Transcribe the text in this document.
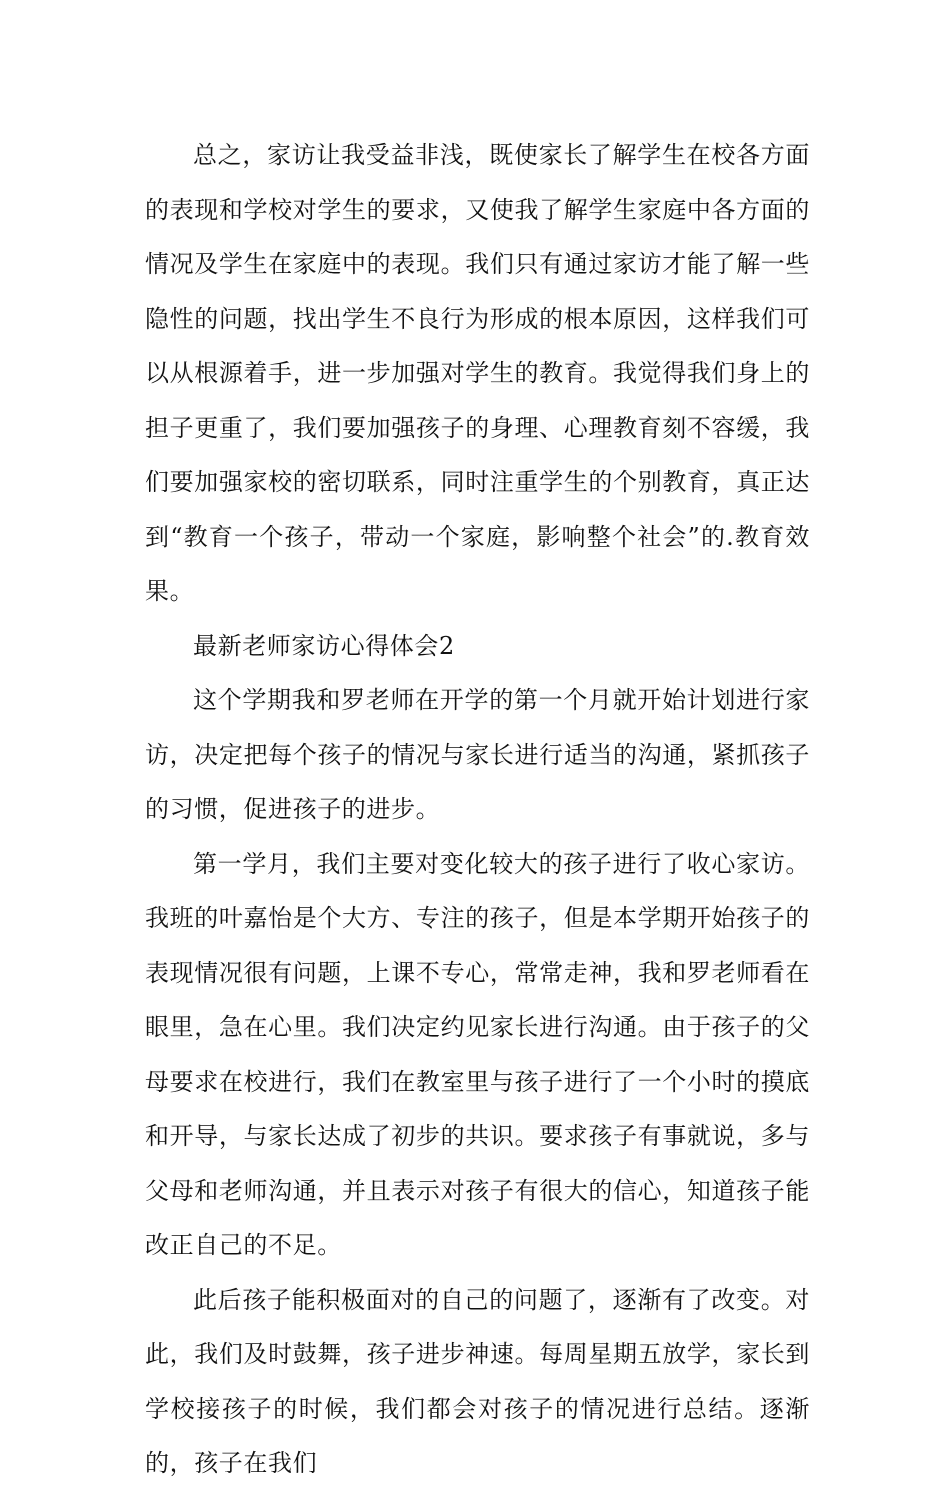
总之，家访让我受益非浅，既使家长了解学生在校各方面的表现和学校对学生的要求，又使我了解学生家庭中各方面的情况及学生在家庭中的表现。我们只有通过家访才能了解一些隐性的问题，找出学生不良行为形成的根本原因，这样我们可以从根源着手，进一步加强对学生的教育。我觉得我们身上的担子更重了，我们要加强孩子的身理、心理教育刻不容缓，我们要加强家校的密切联系，同时注重学生的个别教育，真正达到“教育一个孩子，带动一个家庭，影响整个社会”的.教育效果。

最新老师家访心得体会2

这个学期我和罗老师在开学的第一个月就开始计划进行家访，决定把每个孩子的情况与家长进行适当的沟通，紧抓孩子的习惯，促进孩子的进步。

第一学月，我们主要对变化较大的孩子进行了收心家访。我班的叶嘉怡是个大方、专注的孩子，但是本学期开始孩子的表现情况很有问题，上课不专心，常常走神，我和罗老师看在眼里，急在心里。我们决定约见家长进行沟通。由于孩子的父母要求在校进行，我们在教室里与孩子进行了一个小时的摸底和开导，与家长达成了初步的共识。要求孩子有事就说，多与父母和老师沟通，并且表示对孩子有很大的信心，知道孩子能改正自己的不足。

此后孩子能积极面对的自己的问题了，逐渐有了改变。对此，我们及时鼓舞，孩子进步神速。每周星期五放学，家长到学校接孩子的时候，我们都会对孩子的情况进行总结。逐渐的，孩子在我们
